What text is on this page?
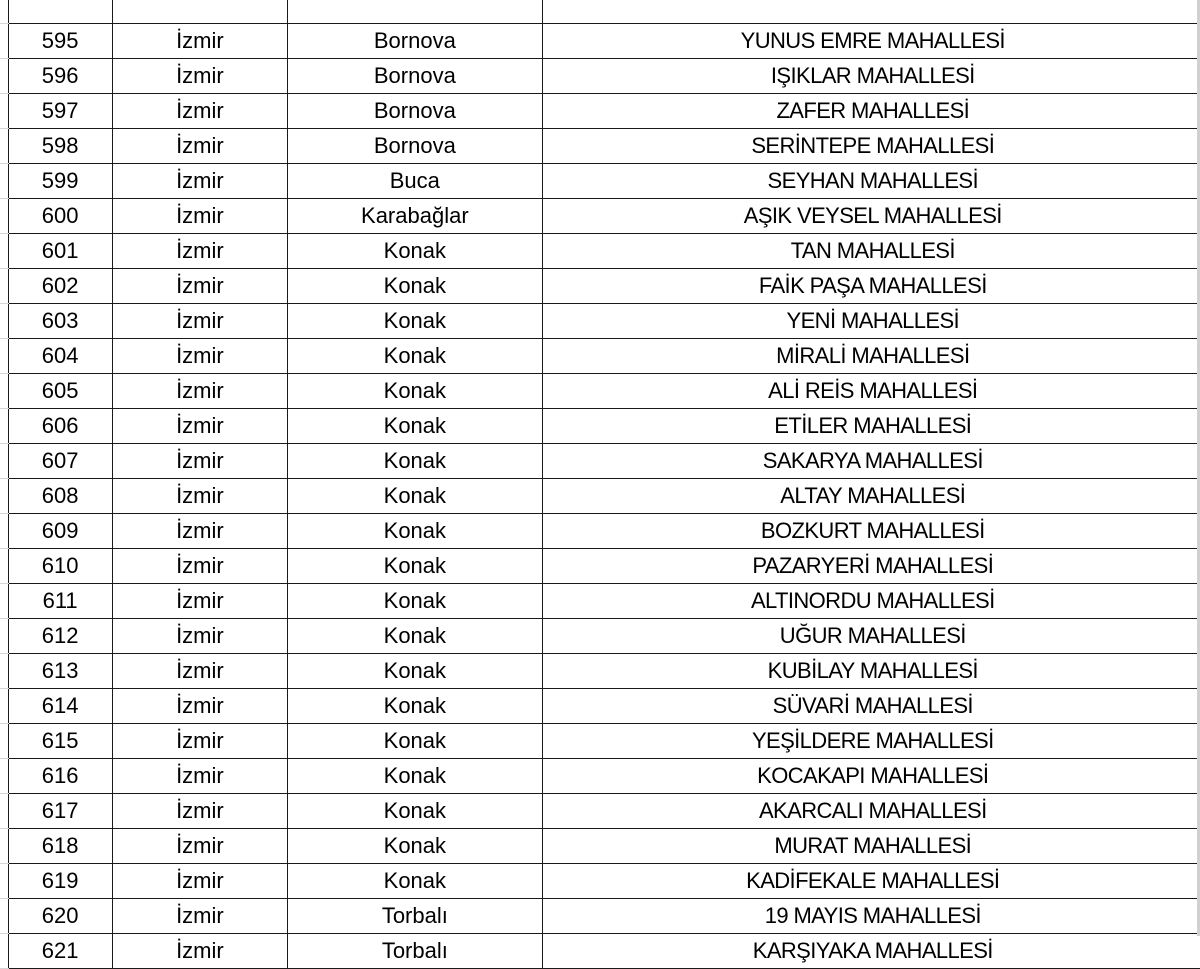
	595	İzmir	Bornova	YUNUS EMRE MAHALLESİ
	596	İzmir	Bornova	IŞIKLAR MAHALLESİ
	597	İzmir	Bornova	ZAFER MAHALLESİ
	598	İzmir	Bornova	SERİNTEPE MAHALLESİ
	599	İzmir	Buca	SEYHAN MAHALLESİ
	600	İzmir	Karabağlar	AŞIK VEYSEL MAHALLESİ
	601	İzmir	Konak	TAN MAHALLESİ
	602	İzmir	Konak	FAİK PAŞA MAHALLESİ
	603	İzmir	Konak	YENİ MAHALLESİ
	604	İzmir	Konak	MİRALİ MAHALLESİ
	605	İzmir	Konak	ALİ REİS MAHALLESİ
	606	İzmir	Konak	ETİLER MAHALLESİ
	607	İzmir	Konak	SAKARYA MAHALLESİ
	608	İzmir	Konak	ALTAY MAHALLESİ
	609	İzmir	Konak	BOZKURT MAHALLESİ
	610	İzmir	Konak	PAZARYERİ MAHALLESİ
	611	İzmir	Konak	ALTINORDU MAHALLESİ
	612	İzmir	Konak	UĞUR MAHALLESİ
	613	İzmir	Konak	KUBİLAY MAHALLESİ
	614	İzmir	Konak	SÜVARİ MAHALLESİ
	615	İzmir	Konak	YEŞİLDERE MAHALLESİ
	616	İzmir	Konak	KOCAKAPI MAHALLESİ
	617	İzmir	Konak	AKARCALI MAHALLESİ
	618	İzmir	Konak	MURAT MAHALLESİ
	619	İzmir	Konak	KADİFEKALE MAHALLESİ
	620	İzmir	Torbalı	19 MAYIS MAHALLESİ
	621	İzmir	Torbalı	KARŞIYAKA MAHALLESİ
